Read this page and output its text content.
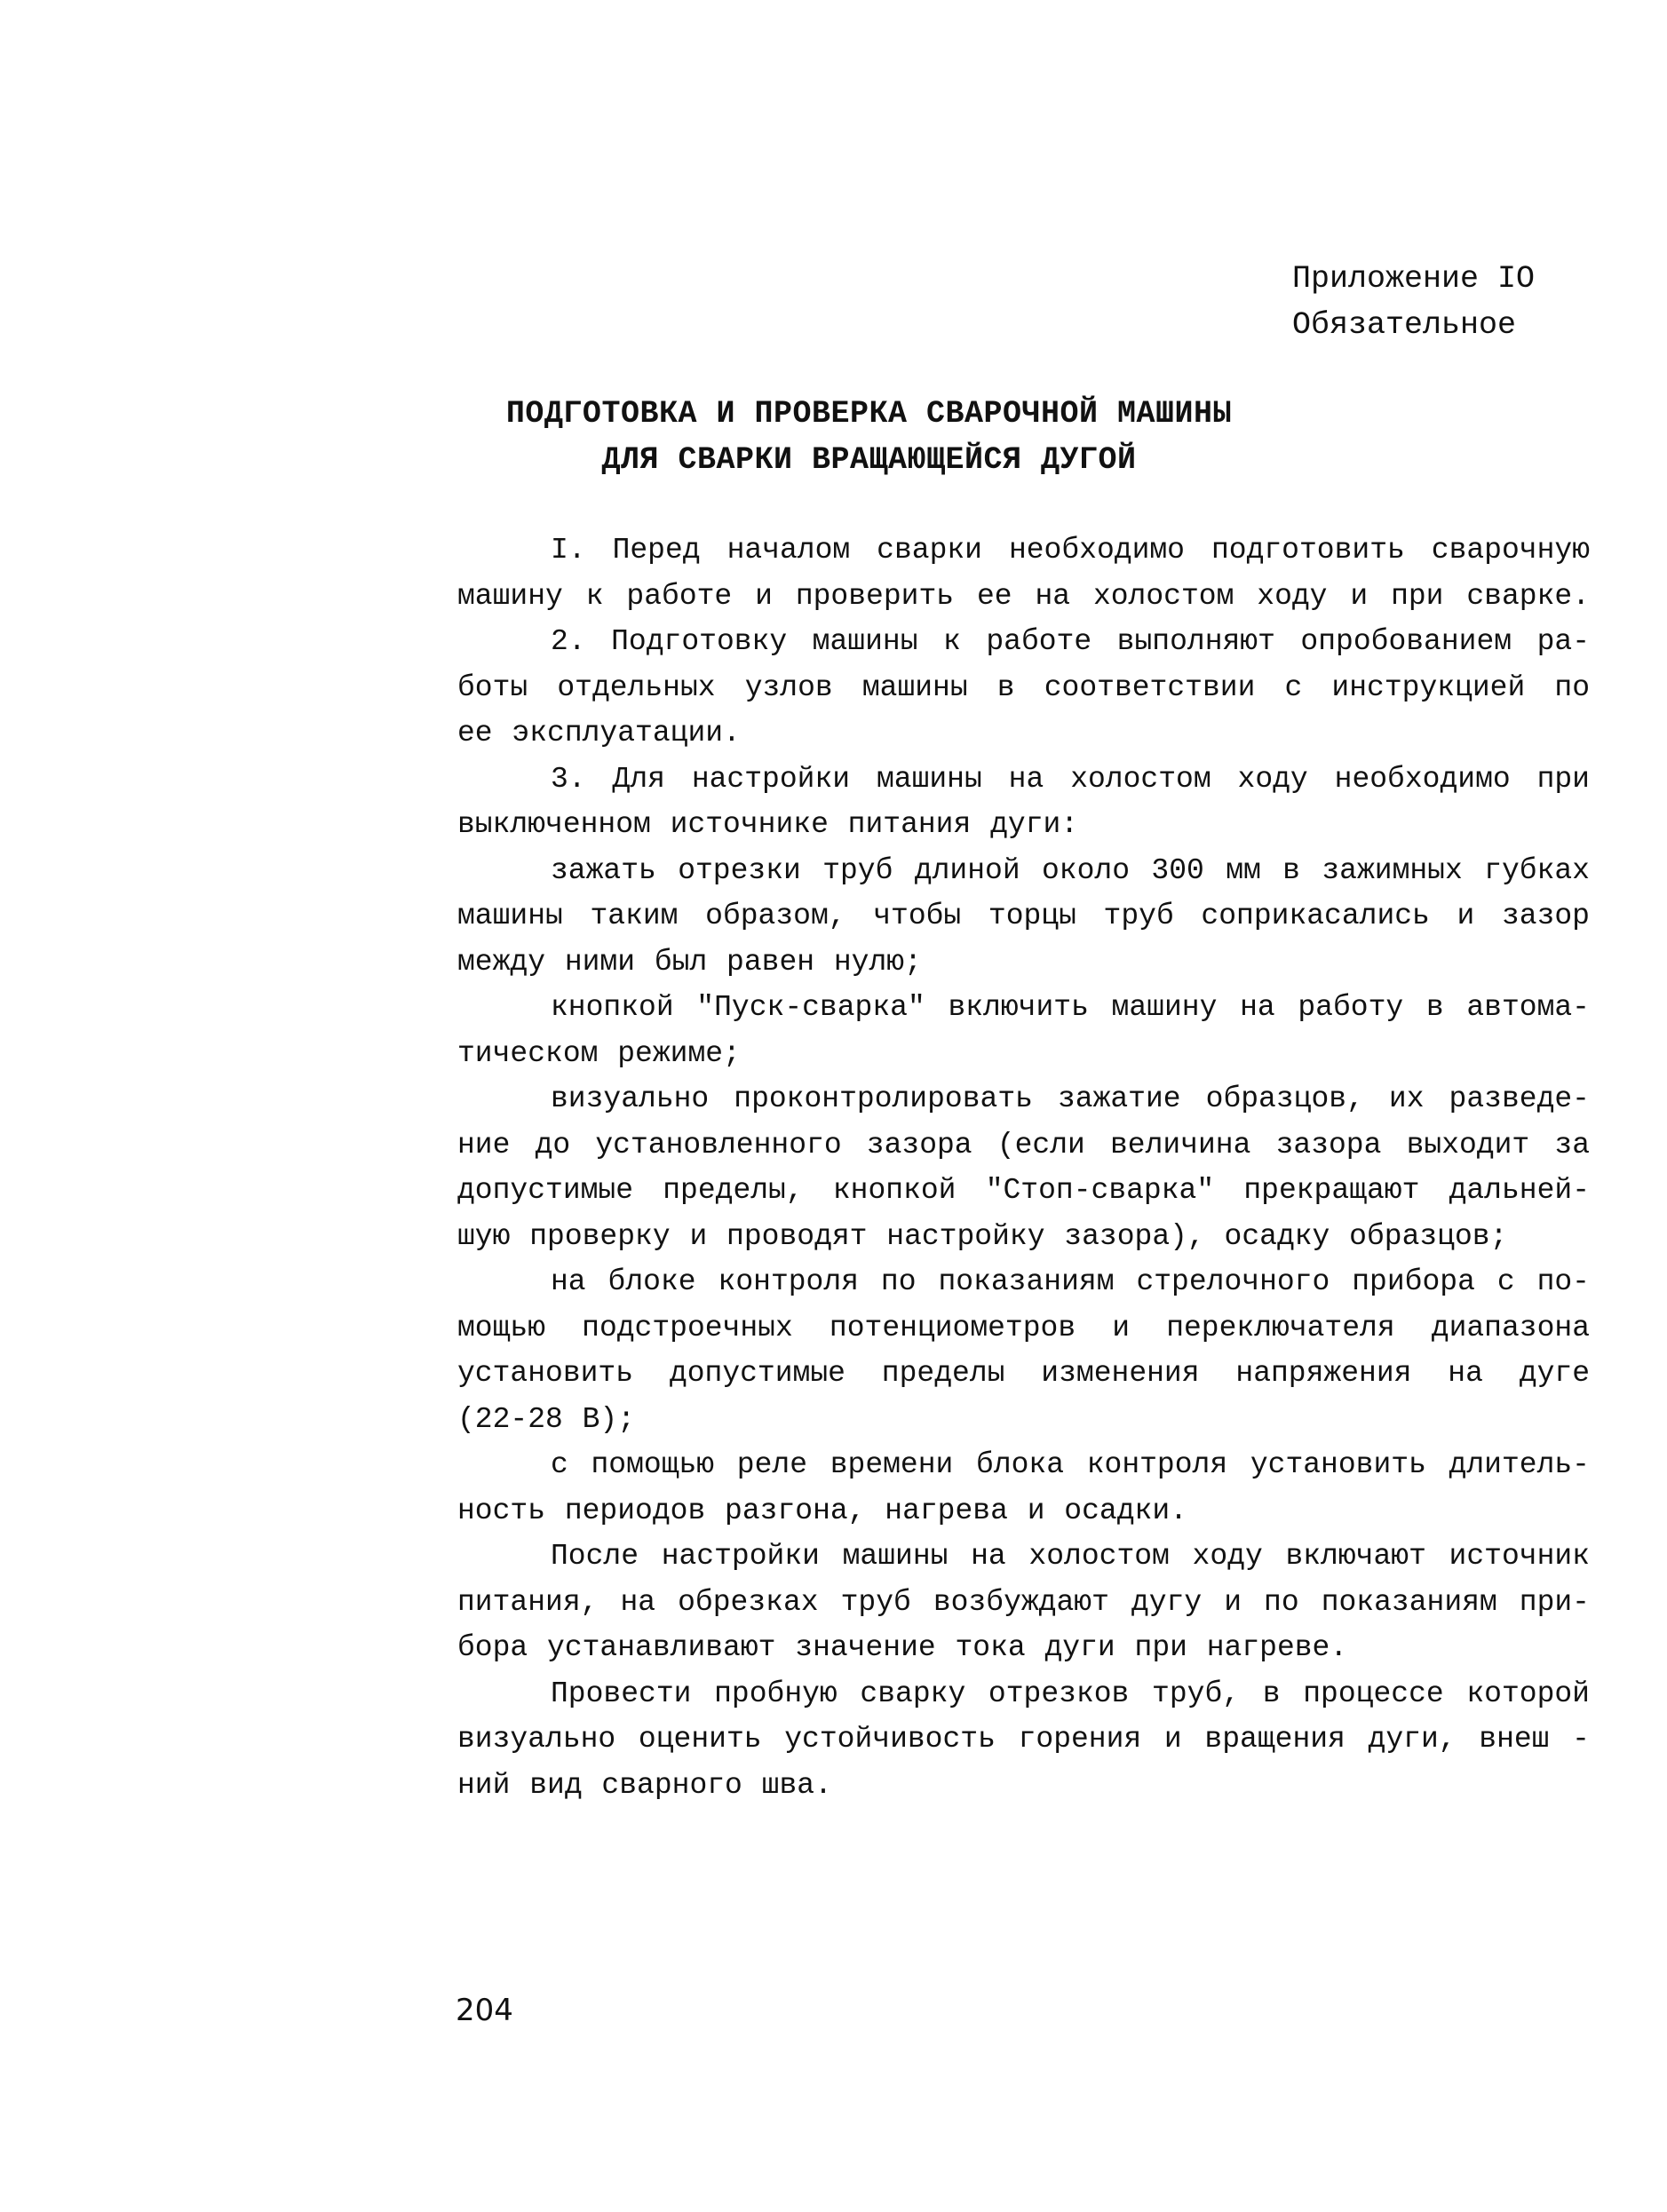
Приложение IO
Обязательное
ПОДГОТОВКА И ПРОВЕРКА СВАРОЧНОЙ МАШИНЫ
ДЛЯ СВАРКИ ВРАЩАЮЩЕЙСЯ ДУГОЙ
I. Перед началом сварки необходимо подготовить сварочную
машину к работе и проверить ее на холостом ходу и при сварке.
2. Подготовку машины к работе выполняют опробованием ра-
боты отдельных узлов машины в соответствии с инструкцией по
ее эксплуатации.
3. Для настройки машины на холостом ходу необходимо при
выключенном источнике питания дуги:
зажать отрезки труб длиной около 300 мм в зажимных губках
машины таким образом, чтобы торцы труб соприкасались и зазор
между ними был равен нулю;
кнопкой "Пуск-сварка" включить машину на работу в автома-
тическом режиме;
визуально проконтролировать зажатие образцов, их разведе-
ние до установленного зазора (если величина зазора выходит за
допустимые пределы, кнопкой "Стоп-сварка" прекращают дальней-
шую проверку и проводят настройку зазора), осадку образцов;
на блоке контроля по показаниям стрелочного прибора с по-
мощью подстроечных потенциометров и переключателя диапазона
установить допустимые пределы изменения напряжения на дуге
(22-28 В);
с помощью реле времени блока контроля установить длитель-
ность периодов разгона, нагрева и осадки.
После настройки машины на холостом ходу включают источник
питания, на обрезках труб возбуждают дугу и по показаниям при-
бора устанавливают значение тока дуги при нагреве.
Провести пробную сварку отрезков труб, в процессе которой
визуально оценить устойчивость горения и вращения дуги, внеш -
ний вид сварного шва.
204
